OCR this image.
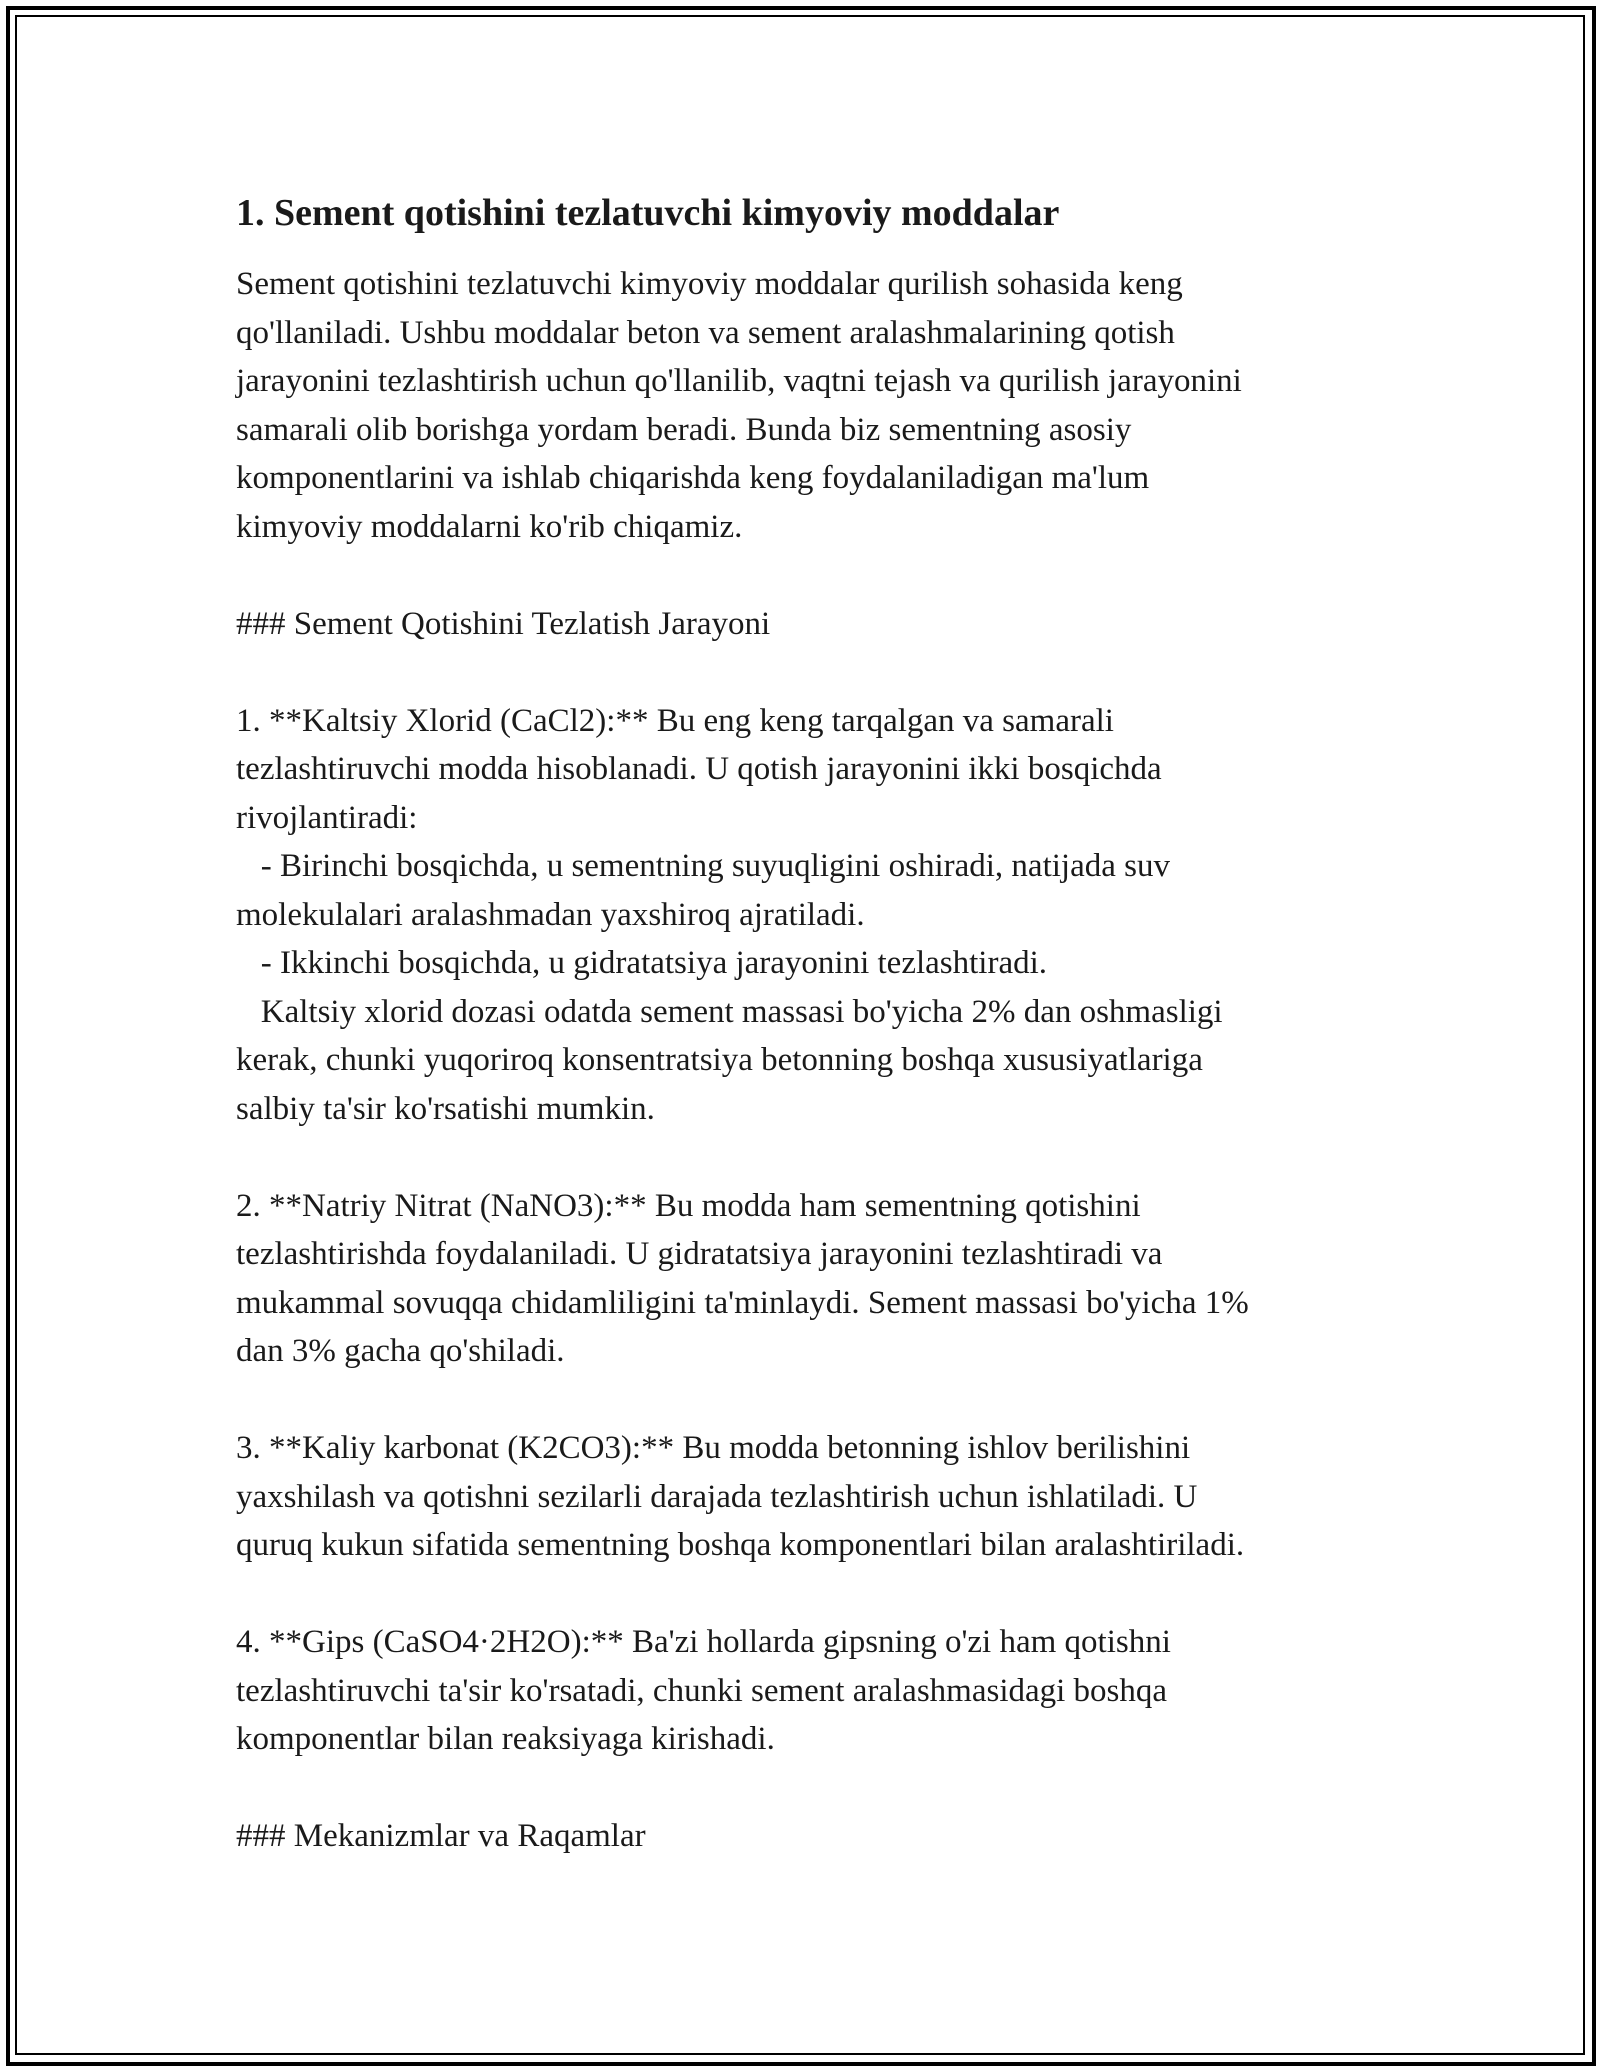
1. Sement qotishini tezlatuvchi kimyoviy moddalar

Sement qotishini tezlatuvchi kimyoviy moddalar qurilish sohasida keng
qo'llaniladi. Ushbu moddalar beton va sement aralashmalarining qotish
jarayonini tezlashtirish uchun qo'llanilib, vaqtni tejash va qurilish jarayonini
samarali olib borishga yordam beradi. Bunda biz sementning asosiy
komponentlarini va ishlab chiqarishda keng foydalaniladigan ma'lum
kimyoviy moddalarni ko'rib chiqamiz.

### Sement Qotishini Tezlatish Jarayoni

1. **Kaltsiy Xlorid (CaCl2):** Bu eng keng tarqalgan va samarali
tezlashtiruvchi modda hisoblanadi. U qotish jarayonini ikki bosqichda
rivojlantiradi:
- Birinchi bosqichda, u sementning suyuqligini oshiradi, natijada suv
molekulalari aralashmadan yaxshiroq ajratiladi.
- Ikkinchi bosqichda, u gidratatsiya jarayonini tezlashtiradi.
Kaltsiy xlorid dozasi odatda sement massasi bo'yicha 2% dan oshmasligi
kerak, chunki yuqoriroq konsentratsiya betonning boshqa xususiyatlariga
salbiy ta'sir ko'rsatishi mumkin.

2. **Natriy Nitrat (NaNO3):** Bu modda ham sementning qotishini
tezlashtirishda foydalaniladi. U gidratatsiya jarayonini tezlashtiradi va
mukammal sovuqqa chidamliligini ta'minlaydi. Sement massasi bo'yicha 1%
dan 3% gacha qo'shiladi.

3. **Kaliy karbonat (K2CO3):** Bu modda betonning ishlov berilishini
yaxshilash va qotishni sezilarli darajada tezlashtirish uchun ishlatiladi. U
quruq kukun sifatida sementning boshqa komponentlari bilan aralashtiriladi.

4. **Gips (CaSO4·2H2O):** Ba'zi hollarda gipsning o'zi ham qotishni
tezlashtiruvchi ta'sir ko'rsatadi, chunki sement aralashmasidagi boshqa
komponentlar bilan reaksiyaga kirishadi.

### Mekanizmlar va Raqamlar
